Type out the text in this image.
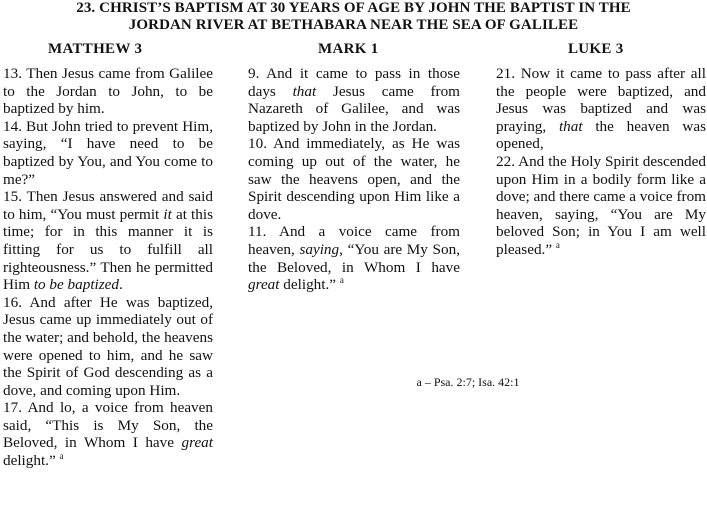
23. CHRIST’S BAPTISM AT 30 YEARS OF AGE BY JOHN THE BAPTIST IN THE
JORDAN RIVER AT BETHABARA NEAR THE SEA OF GALILEE
MATTHEW 3	MARK 1	LUKE 3

13. Then Jesus came from Galilee to the Jordan to John, to be baptized by him.

14. But John tried to prevent Him, saying, “I have need to be baptized by You, and You come to me?”

15. Then Jesus answered and said to him, “You must permit it at this time; for in this manner it is fitting for us to fulfill all righteousness.” Then he permitted Him to be baptized.

16. And after He was baptized, Jesus came up immediately out of the water; and behold, the heavens were opened to him, and he saw the Spirit of God descending as a dove, and coming upon Him.

17. And lo, a voice from heaven said, “This is My Son, the Beloved, in Whom I have great delight.” $^a$

9. And it came to pass in those days that Jesus came from Nazareth of Galilee, and was baptized by John in the Jordan.

10. And immediately, as He was coming up out of the water, he saw the heavens open, and the Spirit descending upon Him like a dove.

11. And a voice came from heaven, saying, “You are My Son, the Beloved, in Whom I have great delight.” $^a$

21. Now it came to pass after all the people were baptized, and Jesus was baptized and was praying, that the heaven was opened,

22. And the Holy Spirit descended upon Him in a bodily form like a dove; and there came a voice from heaven, saying, “You are My beloved Son; in You I am well pleased.” $^a$

a – Psa. 2:7; Isa. 42:1
